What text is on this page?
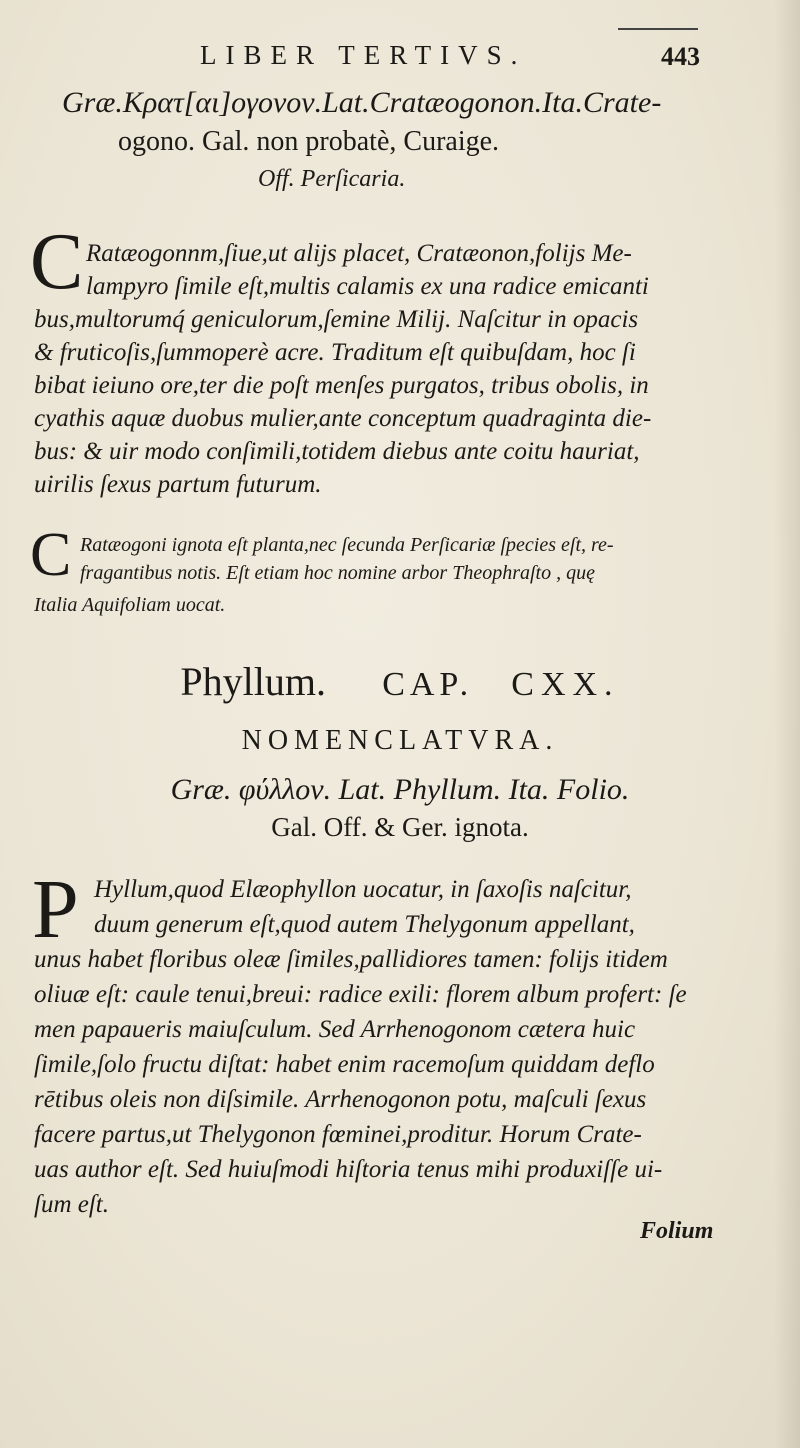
LIBER TERTIVS.	443
Græ.Κρατ[αι]ογονον.Lat.Cratæogonon.Ita.Crate-
ogono. Gal. non probatè, Curaige.
Off. Perſicaria.
C Ratæogonnm,ſiue,ut alijs placet, Cratæonon,folijs Me-
lampyro ſimile eſt,multis calamis ex una radice emicanti
bus,multorumq́ geniculorum,ſemine Milij. Naſcitur in opacis
& fruticoſis,ſummoperè acre. Traditum eſt quibuſdam, hoc ſi
bibat ieiuno ore,ter die poſt menſes purgatos, tribus obolis, in
cyathis aquæ duobus mulier,ante conceptum quadraginta die-
bus: & uir modo conſimili,totidem diebus ante coitu hauriat,
uirilis ſexus partum futurum.
C Ratæogoni ignota eſt planta,nec ſecunda Perſicariæ ſpecies eſt, re-
fragantibus notis. Eſt etiam hoc nomine arbor Theophraſto , quę
Italia Aquifoliam uocat.
Phyllum. CAP. CXX.
NOMENCLATVRA.
Græ. φύλλον. Lat. Phyllum. Ita. Folio.
Gal. Off. & Ger. ignota.
P Hyllum,quod Elæophyllon uocatur, in ſaxoſis naſcitur,
duum generum eſt,quod autem Thelygonum appellant,
unus habet floribus oleæ ſimiles,pallidiores tamen: folijs itidem
oliuæ eſt: caule tenui,breui: radice exili: florem album profert: ſe
men papaueris maiuſculum. Sed Arrhenogonom cætera huic
ſimile,ſolo fructu diſtat: habet enim racemoſum quiddam deflo
rētibus oleis non diſsimile. Arrhenogonon potu, maſculi ſexus
facere partus,ut Thelygonon fœminei,proditur. Horum Crate-
uas author eſt. Sed huiuſmodi hiſtoria tenus mihi produxiſſe ui-
ſum eſt.
Folium
